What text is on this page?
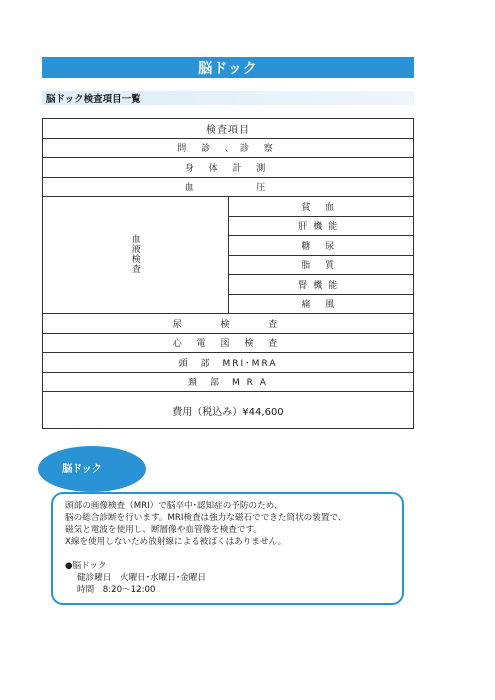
脳ドック
脳ドック検査項目一覧
検査項目
問 診 、診 察
身 体 計 測
血 　 　 圧
血液検査	貧 血
肝機能
糖 尿
脂 質
腎機能
痛 風
尿 　 検 　 査
心 電 図 検 査
頭　部　MRI･MRA
頚　部　M R A
費用（税込み）¥44,600
脳ドック

頭部の画像検査（MRI）で脳卒中･認知症の予防のため、

脳の総合診断を行います。MRI検査は強力な磁石でできた筒状の装置で、

磁気と電波を使用し、断層像や血管像を検査です。

X線を使用しないため放射線による被ばくはありません。

●脳ドック

健診曜日　火曜日･水曜日･金曜日

時間　8:20～12:00
